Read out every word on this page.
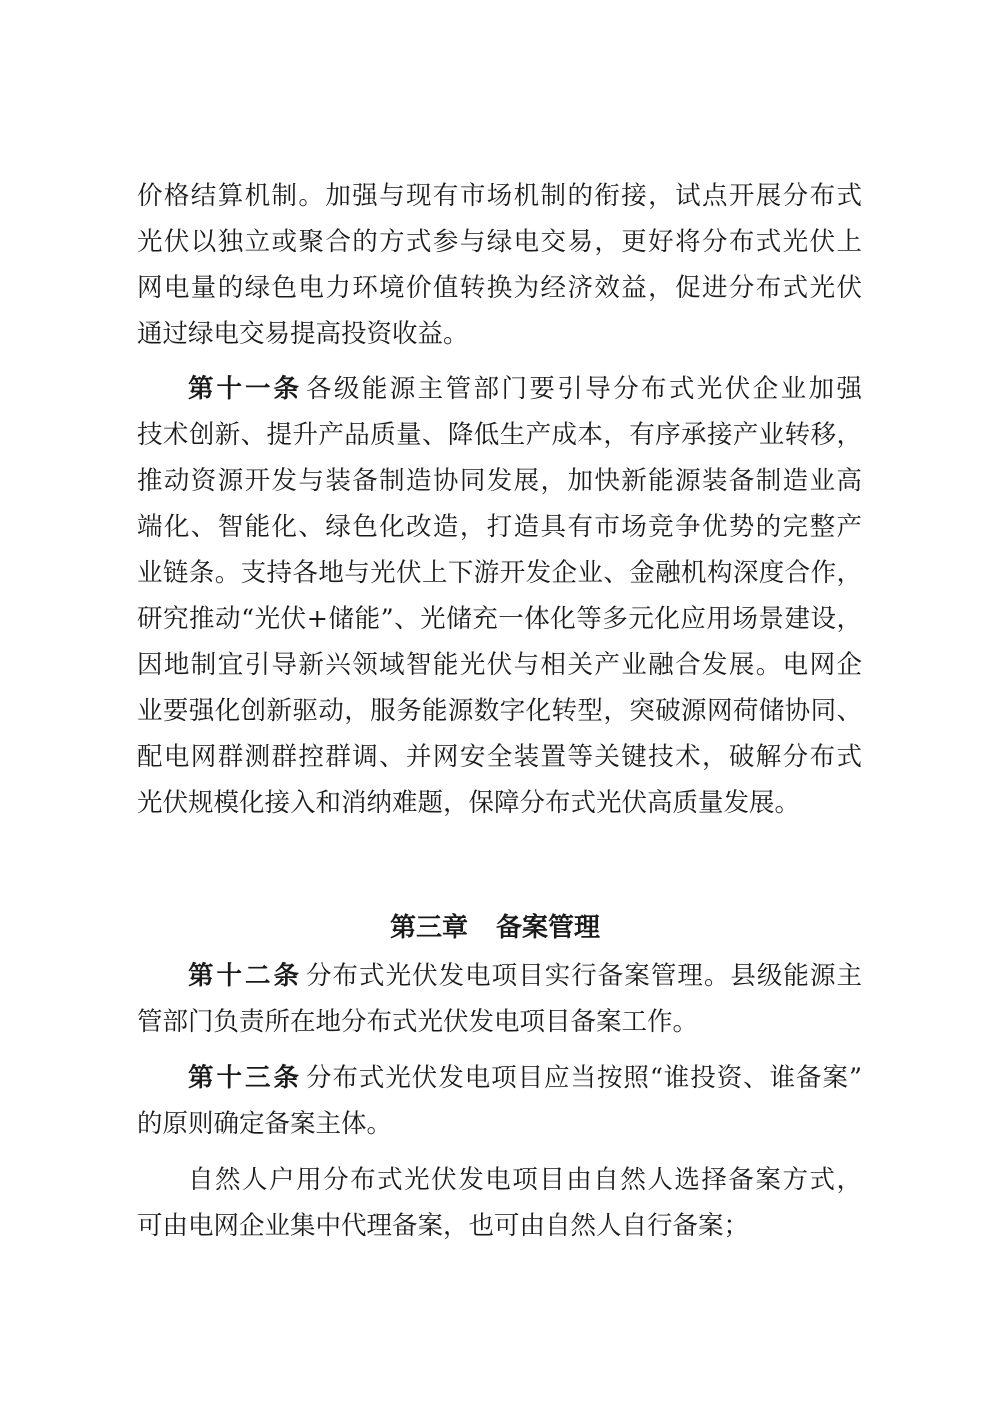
价格结算机制。加强与现有市场机制的衔接，试点开展分布式
光伏以独立或聚合的方式参与绿电交易，更好将分布式光伏上
网电量的绿色电力环境价值转换为经济效益，促进分布式光伏
通过绿电交易提高投资收益。
第十一条 各级能源主管部门要引导分布式光伏企业加强
技术创新、提升产品质量、降低生产成本，有序承接产业转移，
推动资源开发与装备制造协同发展，加快新能源装备制造业高
端化、智能化、绿色化改造，打造具有市场竞争优势的完整产
业链条。支持各地与光伏上下游开发企业、金融机构深度合作，
研究推动“光伏+储能”、光储充一体化等多元化应用场景建设，
因地制宜引导新兴领域智能光伏与相关产业融合发展。电网企
业要强化创新驱动，服务能源数字化转型，突破源网荷储协同、
配电网群测群控群调、并网安全装置等关键技术，破解分布式
光伏规模化接入和消纳难题，保障分布式光伏高质量发展。
第三章 备案管理
第十二条 分布式光伏发电项目实行备案管理。县级能源主
管部门负责所在地分布式光伏发电项目备案工作。
第十三条 分布式光伏发电项目应当按照“谁投资、谁备案”
的原则确定备案主体。
自然人户用分布式光伏发电项目由自然人选择备案方式，
可由电网企业集中代理备案，也可由自然人自行备案；
